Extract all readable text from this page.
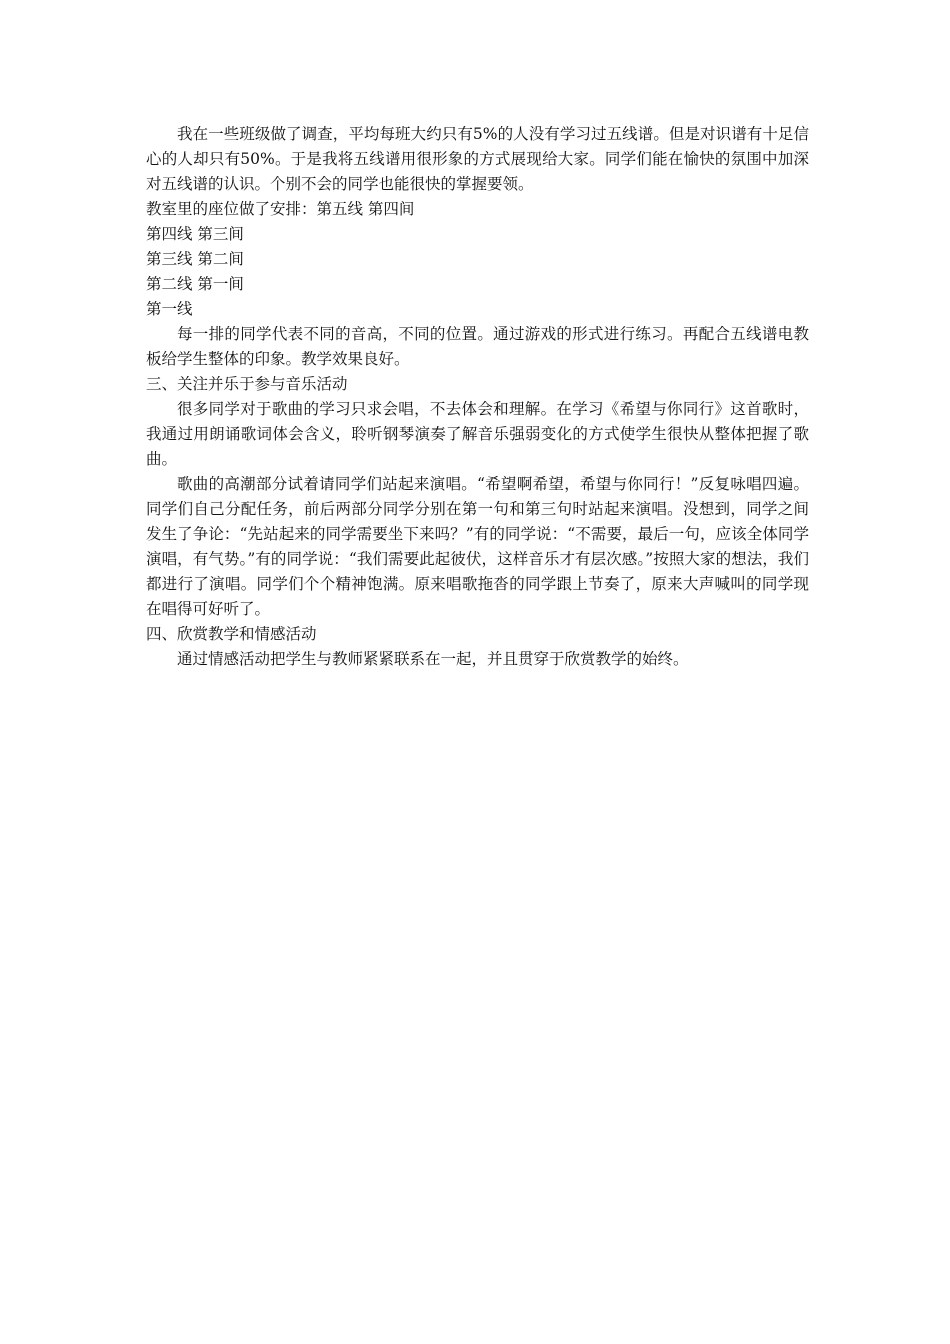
我在一些班级做了调查，平均每班大约只有5%的人没有学习过五线谱。但是对识谱有十足信心的人却只有50%。于是我将五线谱用很形象的方式展现给大家。同学们能在愉快的氛围中加深对五线谱的认识。个别不会的同学也能很快的掌握要领。

教室里的座位做了安排：第五线 第四间

第四线 第三间

第三线 第二间

第二线 第一间

第一线

每一排的同学代表不同的音高，不同的位置。通过游戏的形式进行练习。再配合五线谱电教板给学生整体的印象。教学效果良好。

三、关注并乐于参与音乐活动

很多同学对于歌曲的学习只求会唱，不去体会和理解。在学习《希望与你同行》这首歌时，我通过用朗诵歌词体会含义，聆听钢琴演奏了解音乐强弱变化的方式使学生很快从整体把握了歌曲。

歌曲的高潮部分试着请同学们站起来演唱。“希望啊希望，希望与你同行！”反复咏唱四遍。同学们自己分配任务，前后两部分同学分别在第一句和第三句时站起来演唱。没想到，同学之间发生了争论：“先站起来的同学需要坐下来吗？”有的同学说：“不需要，最后一句，应该全体同学演唱，有气势。”有的同学说：“我们需要此起彼伏，这样音乐才有层次感。”按照大家的想法，我们都进行了演唱。同学们个个精神饱满。原来唱歌拖沓的同学跟上节奏了，原来大声喊叫的同学现在唱得可好听了。

四、欣赏教学和情感活动

通过情感活动把学生与教师紧紧联系在一起，并且贯穿于欣赏教学的始终。
